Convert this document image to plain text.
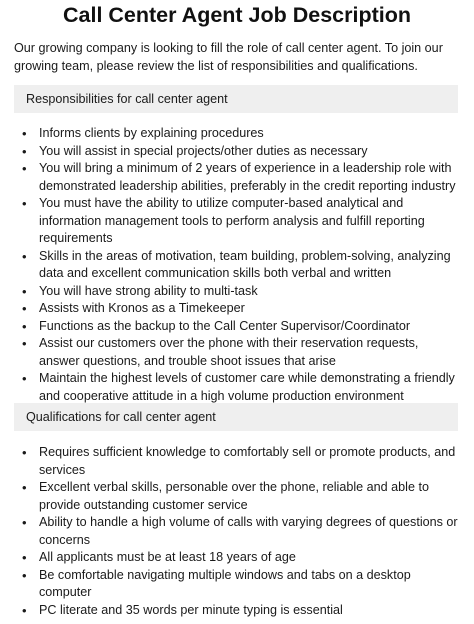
Call Center Agent Job Description
Our growing company is looking to fill the role of call center agent. To join our growing team, please review the list of responsibilities and qualifications.
Responsibilities for call center agent
• Informs clients by explaining procedures
• You will assist in special projects/other duties as necessary
• You will bring a minimum of 2 years of experience in a leadership role with demonstrated leadership abilities, preferably in the credit reporting industry
• You must have the ability to utilize computer-based analytical and information management tools to perform analysis and fulfill reporting requirements
• Skills in the areas of motivation, team building, problem-solving, analyzing data and excellent communication skills both verbal and written
• You will have strong ability to multi-task
• Assists with Kronos as a Timekeeper
• Functions as the backup to the Call Center Supervisor/Coordinator
• Assist our customers over the phone with their reservation requests, answer questions, and trouble shoot issues that arise
• Maintain the highest levels of customer care while demonstrating a friendly and cooperative attitude in a high volume production environment
Qualifications for call center agent
• Requires sufficient knowledge to comfortably sell or promote products, and services
• Excellent verbal skills, personable over the phone, reliable and able to provide outstanding customer service
• Ability to handle a high volume of calls with varying degrees of questions or concerns
• All applicants must be at least 18 years of age
• Be comfortable navigating multiple windows and tabs on a desktop computer
• PC literate and 35 words per minute typing is essential
